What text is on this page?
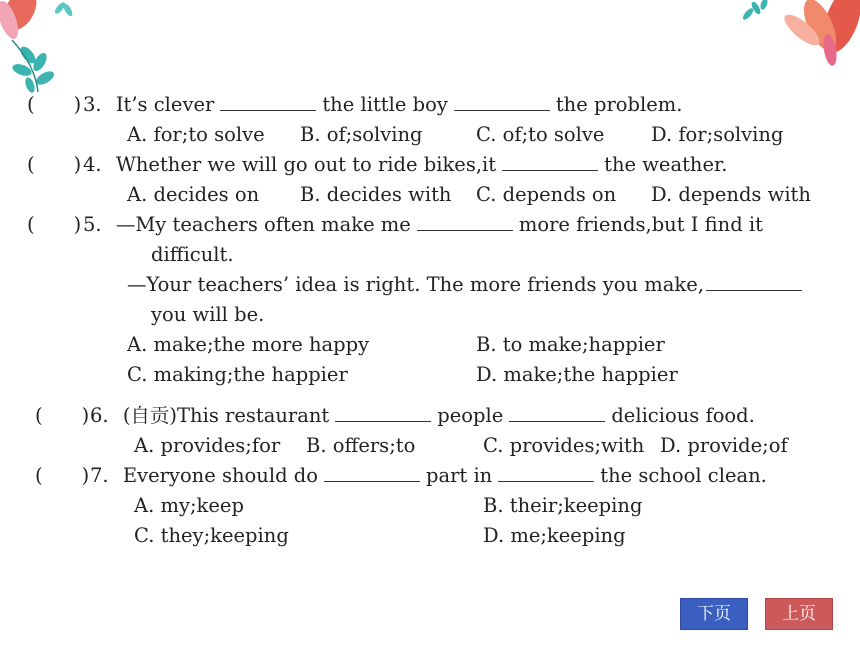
(　　) 3. It’s clever	the little boy	the problem.
A. for;to solve B. of;solving	C. of;to solve D. for;solving
(　　) 4. Whether we will go out to ride bikes,it	the weather.
A. decides on B. decides with C. depends on D. depends with
(　　) 5. —My teachers often make me	more friends,but I find it
difficult.
—Your teachers’ idea is right. The more friends you make,
you will be.
A. make;the more happy	B. to make;happier
C. making;the happier	D. make;the happier
(　　) 6. (自贡)This restaurant	people	delicious food.
A. provides;for B. offers;to	C. provides;with D. provide;of
(　　) 7. Everyone should do	part in	the school clean.
A. my;keep	B. their;keeping
C. they;keeping	D. me;keeping
下页	上页
